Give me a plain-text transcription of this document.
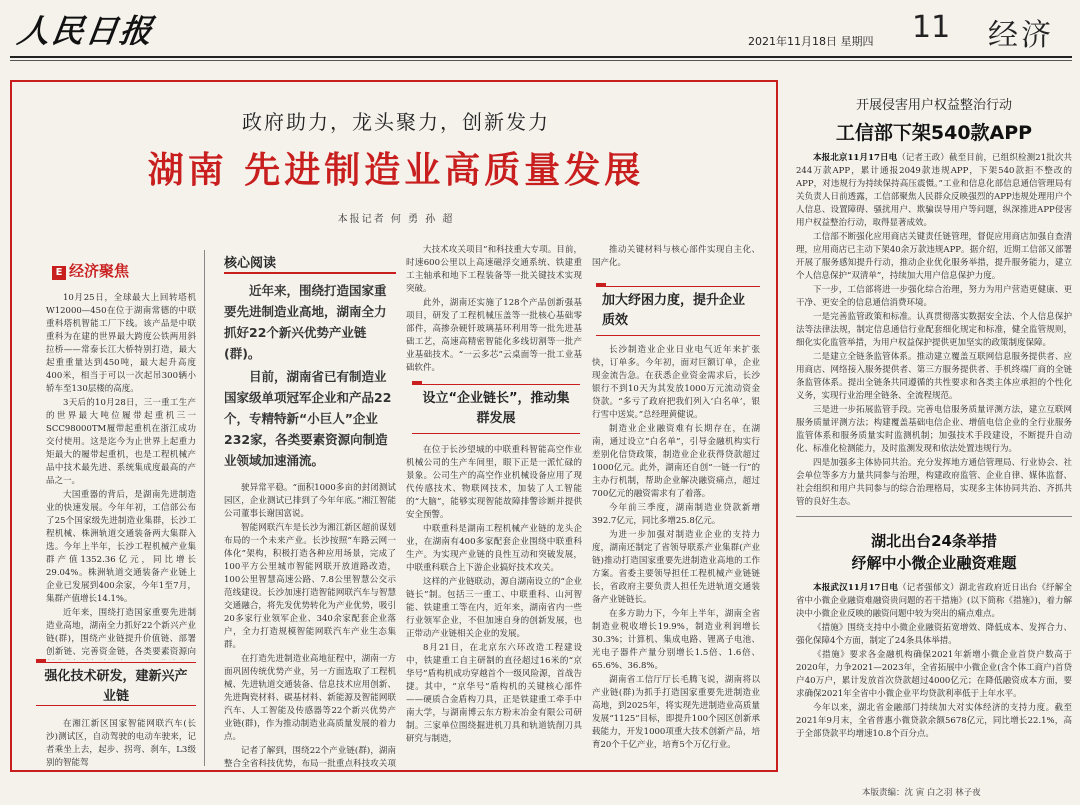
人民日报	2021年11月18日 星期四 11 经济
政府助力，龙头聚力，创新发力
湖南 先进制造业高质量发展
本报记者 何 勇 孙 超
E 经济聚焦

10月25日，全球最大上回转塔机W12000—450在位于湖南常德的中联重科塔机智能工厂下线。该产品是中联重科为在建的世界最大跨度公铁两用斜拉桥——常泰长江大桥特别打造，最大起重重量达到450吨，最大起升高度400米，相当于可以一次起吊300辆小轿车至130层楼的高度。

3天后的10月28日，三一重工生产的世界最大吨位履带起重机三一SCC98000TM履带起重机在浙江成功交付使用。这是迄今为止世界上起重力矩最大的履带起重机，也是工程机械产品中技术最先进、系统集成度最高的产品之一。

大国重器的背后，是湖南先进制造业的快速发展。今年年初，工信部公布了25个国家级先进制造业集群，长沙工程机械、株洲轨道交通装备两大集群入选。今年上半年，长沙工程机械产业集群产值1352.36亿元，同比增长29.04%。株洲轨道交通装备产业链上企业已发展到400余家，今年1至7月，集群产值增长14.1%。

近年来，围绕打造国家重要先进制造业高地，湖南全力抓好22个新兴产业链(群)，围绕产业链提升价值链、部署创新链、完善资金链，各类要素资源向

强化技术研发，建新兴产业链

在湘江新区国家智能网联汽车(长沙)测试区，自动驾驶的电动车驶来，记者乘坐上去，起步、拐弯、刹车，L3级别的智能驾

核心阅读
近年来，围绕打造国家重要先进制造业高地，湖南全力抓好22个新兴优势产业链(群)。
目前，湖南省已有制造业国家级单项冠军企业和产品22个，专精特新“小巨人”企业232家，各类要素资源向制造业领域加速涌流。

驶异常平稳。“面积1000多亩的封闭测试园区，企业测试已排到了今年年底。”湘江智能公司董事长谢国富说。

智能网联汽车是长沙为湘江新区超前谋划布局的一个未来产业。长沙按照“车路云网一体化”架构，积极打造各种应用场景，完成了100平方公里城市智能网联开放道路改造，100公里智慧高速公路、7.8公里智慧公交示范线建设。长沙加速打造智能网联汽车与智慧交通融合，将先发优势转化为产业优势，吸引20多家行业领军企业、340余家配套企业落户，全力打造规模智能网联汽车产业生态集群。

在打造先进制造业高地征程中，湖南一方面巩固传统优势产业，另一方面选取了工程机械、先进轨道交通装备、信息技术应用创新、先进陶瓷材料、碳基材料、新能源及智能网联汽车、人工智能及传感器等22个新兴优势产业链(群)，作为推动制造业高质量发展的着力点。

记者了解到，围绕22个产业链(群)，湖南整合全省科技优势，布局一批重点科技攻关项

大技术攻关项目”和科技重大专项。目前，时速600公里以上高速磁浮交通系统、铁建重工主轴承和地下工程装备等一批关键技术实现突破。

此外，湖南还实施了128个产品创新强基项目，研发了工程机械压盖等一批核心基础零部件，高掺杂硬钎玻璃基环利用等一批先进基础工艺，高速高精密智能化多线切割等一批产业基础技术。“一云多芯”云桌面等一批工业基础软件。

设立“企业链长”，推动集群发展

在位于长沙望城的中联重科智能高空作业机械公司的生产车间里，眼下正是一派忙碌的景象。公司生产的高空作业机械设备应用了现代传感技术、物联网技术，加装了人工智能的“大脑”，能够实现智能故障排警诊断并提供安全预警。

中联重科是湖南工程机械产业链的龙头企业，在湖南有400多家配套企业围绕中联重科生产。为实现产业链的良性互动和突破发展，中联重科联合上下游企业搞好技术攻关。

这样的产业链联动，源自湖南设立的“企业链长”制。包括三一重工、中联重科、山河智能、铁建重工等在内，近年来，湖南省内一些行业领军企业，不但加速自身的创新发展，也正带动产业链相关企业的发展。

8月21日，在北京东六环改造工程建设中，铁建重工自主研制的直径超过16米的“京华号”盾构机成功穿越首个一级风险源，首战告捷。其中，“京华号”盾构机的关键核心部件——硬质合金盾构刀具，正是铁建重工牵手中南大学，与湖南博云东方粉末冶金有限公司研制。三家单位围绕掘进机刀具和轨道铣削刀具研究与制造，

推动关键材料与核心部件实现自主化、国产化。

加大纾困力度，提升企业质效

长沙制造业企业日业电气近年来扩张快，订单多。今年初，面对巨额订单，企业现金流告急。在获悉企业资金需求后，长沙银行不到10天为其发放1000万元流动资金贷款。“多亏了政府把我们列入‘白名单’，银行雪中送炭。”总经理黄健说。

制造业企业融资难有长期存在，在湖南，通过设立“白名单”，引导金融机构实行差别化信贷政策，制造业企业获得贷款超过1000亿元。此外，湖南还自创“一链一行”的主办行机制，帮助企业解决融资痛点，超过700亿元的融资需求有了着落。

今年前三季度，湖南制造业贷款新增392.7亿元，同比多增25.8亿元。

为进一步加强对制造业企业的支持力度，湖南还制定了省领导联系产业集群(产业链)推动打造国家重要先进制造业高地的工作方案。省委主要领导担任工程机械产业链链长，省政府主要负责人担任先进轨道交通装备产业链链长。

在多方助力下，今年上半年，湖南全省制造业税收增长19.9%，制造业利润增长30.3%；计算机、集成电路、锂离子电池、光电子器件产量分别增长1.5倍、1.6倍、65.6%、36.8%。

湖南省工信厅厅长毛腾飞说，湖南将以产业链(群)为抓手打造国家重要先进制造业高地，到2025年，将实现先进制造业高质量发展“1125”目标，即提升100个园区创新承载能力，开发1000项重大技术创新产品，培育20个千亿产业，培育5个万亿行业。

开展侵害用户权益整治行动
工信部下架540款APP

本报北京11月17日电（记者王政）截至目前，已组织检测21批次共244万款APP，累计通报2049款违规APP，下架540款拒不整改的APP，对违规行为持续保持高压震慑。”工业和信息化部信息通信管理局有关负责人日前透露，工信部聚焦人民群众反映强烈的APP违规处理用户个人信息、设置障碍、骚扰用户、欺骗误导用户等问题，纵深推进APP侵害用户权益整治行动，取得显著成效。

工信部不断强化应用商店关键责任链管理，督促应用商店加强自查清理，应用商店已主动下架40余万款违规APP。据介绍，近期工信部又部署开展了服务感知提升行动，推动企业优化服务举措，提升服务能力，建立个人信息保护“双清单”，持续加大用户信息保护力度。

下一步，工信部将进一步强化综合治理，努力为用户营造更健康、更干净、更安全的信息通信消费环境。

一是完善监管政策和标准。认真贯彻落实数据安全法、个人信息保护法等法律法规，制定信息通信行业配套细化规定和标准，健全监管规则，细化实化监管举措，为用户权益保护提供更加坚实的政策制度保障。

二是建立全链条监管体系。推动建立覆盖互联网信息服务提供者、应用商店、网络接入服务提供者、第三方服务提供者、手机终端厂商的全链条监管体系。提出全链条共同遵循的共性要求和各类主体应承担的个性化义务，实现行业治理全链条、全流程规范。

三是进一步拓展监管手段。完善电信服务质量评测方法，建立互联网服务质量评测方法；构建覆盖基础电信企业、增值电信企业的全行业服务监管体系和服务质量实时监测机制；加强技术手段建设，不断提升自动化、标准化检测能力，及时监测发现和依法处置违规行为。

四是加强多主体协同共治。充分发挥地方通信管理局、行业协会、社会单位等多方力量共同参与治理，构建政府监管、企业自律、媒体监督、社会组织和用户共同参与的综合治理格局，实现多主体协同共治、齐抓共管的良好生态。

湖北出台24条举措
纾解中小微企业融资难题

本报武汉11月17日电（记者强郁文）湖北省政府近日出台《纾解全省中小微企业融资难融资贵问题的若干措施》(以下简称《措施》)，着力解决中小微企业反映的融资问题中较为突出的痛点难点。

《措施》围绕支持中小微企业融资拓宽增效、降低成本、发挥合力、强化保障4个方面，制定了24条具体举措。

《措施》要求各金融机构确保2021年新增小微企业首贷户数高于2020年，力争2021—2023年，全省拓展中小微企业(含个体工商户)首贷户40万户，累计发放首次贷款超过4000亿元；在降低融资成本方面，要求确保2021年全省中小微企业平均贷款利率低于上年水平。

今年以来，湖北省金融部门持续加大对实体经济的支持力度。截至2021年9月末，全省普惠小微贷款余额5678亿元，同比增长22.1%，高于全部贷款平均增速10.8个百分点。

本版责编：沈 寅 白之羽 林子夜
